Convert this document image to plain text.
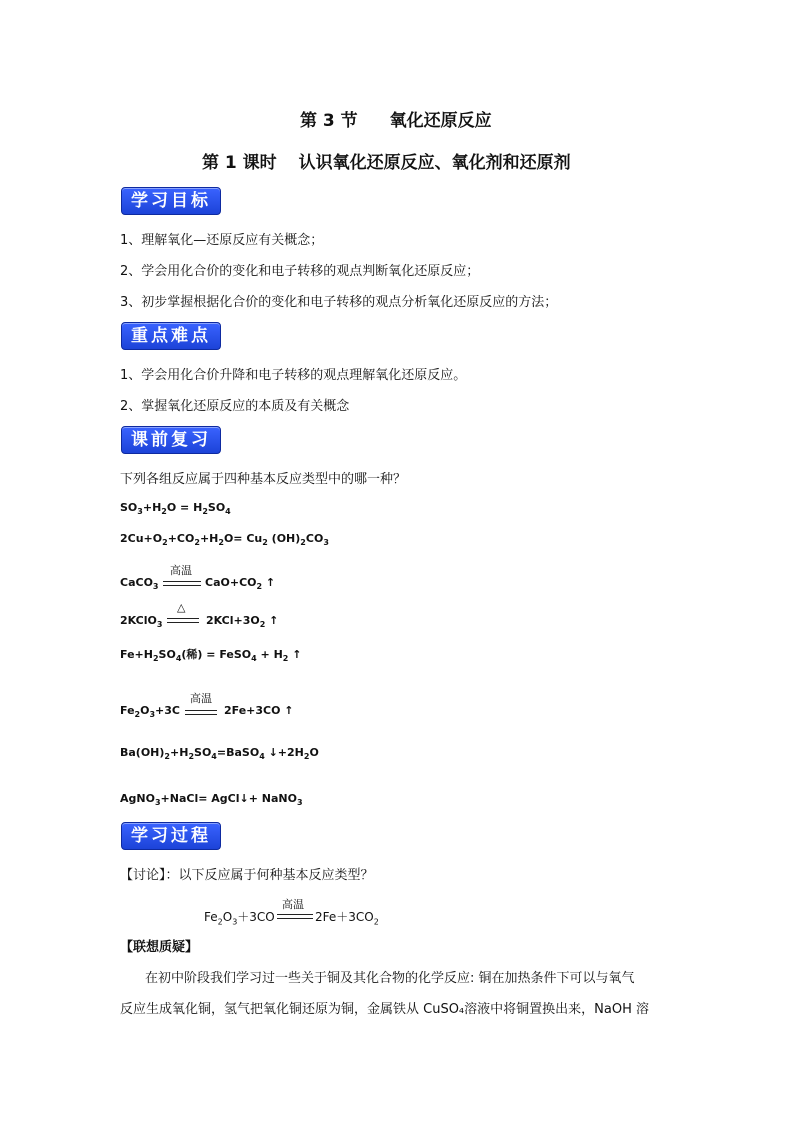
第 3 节 氧化还原反应
第 1 课时 认识氧化还原反应、氧化剂和还原剂
学习目标
1、理解氧化—还原反应有关概念；
2、学会用化合价的变化和电子转移的观点判断氧化还原反应；
3、初步掌握根据化合价的变化和电子转移的观点分析氧化还原反应的方法；
重点难点
1、学会用化合价升降和电子转移的观点理解氧化还原反应。
2、掌握氧化还原反应的本质及有关概念
课前复习
下列各组反应属于四种基本反应类型中的哪一种？
$SO_3+H_2O = H_2SO_4$
$2Cu+O_2+CO_2+H_2O= Cu_2$ $(OH)_2CO_3$
CaCO$_3$
高温
$CaO+CO_2$ ↑
2KClO$_3$
△
$2KCl+3O_2$ ↑
$Fe+H_2SO_4$(稀) = FeSO$_4$ + $H_2$ ↑
$Fe_2O_3+3C$
高温
2Fe+3CO ↑
$Ba(OH)_2+H_2SO_4=BaSO_4$ $↓+2H_2O$
AgNO$_3$+NaCl= AgCl↓+ NaNO$_3$
学习过程
【讨论】：以下反应属于何种基本反应类型？
$Fe_2O_3+3CO$
高温
$2Fe+3CO_2$
【联想质疑】
在初中阶段我们学习过一些关于铜及其化合物的化学反应: 铜在加热条件下可以与氧气
反应生成氧化铜，氢气把氧化铜还原为铜，金属铁从 CuSO₄溶液中将铜置换出来，NaOH 溶
